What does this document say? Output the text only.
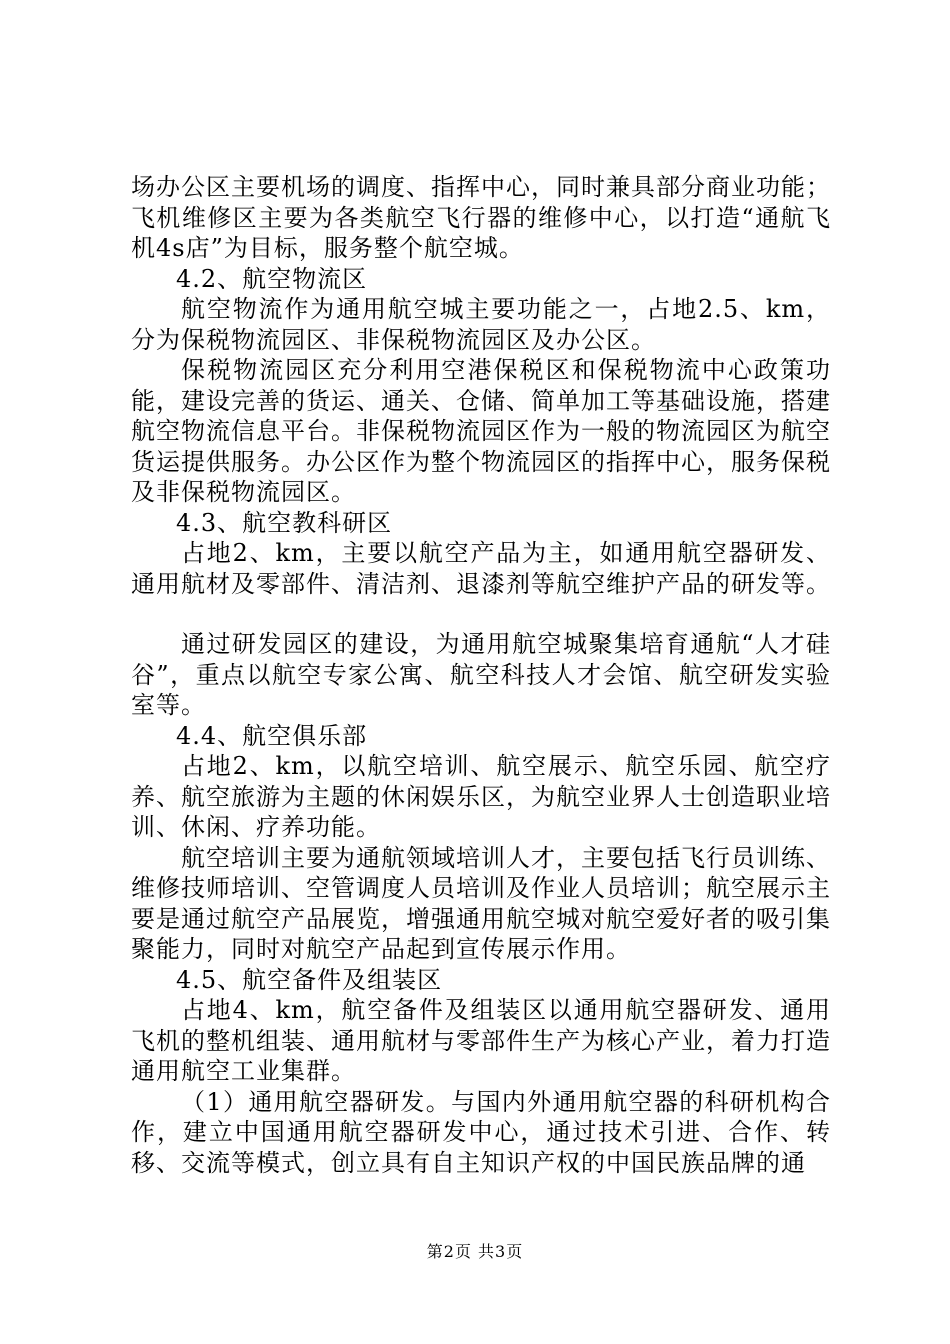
场办公区主要机场的调度、指挥中心，同时兼具部分商业功能；飞机维修区主要为各类航空飞行器的维修中心，以打造“通航飞机4s店”为目标，服务整个航空城。

4.2、航空物流区

航空物流作为通用航空城主要功能之一，占地2.5、km，分为保税物流园区、非保税物流园区及办公区。

保税物流园区充分利用空港保税区和保税物流中心政策功能，建设完善的货运、通关、仓储、简单加工等基础设施，搭建航空物流信息平台。非保税物流园区作为一般的物流园区为航空货运提供服务。办公区作为整个物流园区的指挥中心，服务保税及非保税物流园区。

4.3、航空教科研区

占地2、km，主要以航空产品为主，如通用航空器研发、通用航材及零部件、清洁剂、退漆剂等航空维护产品的研发等。

通过研发园区的建设，为通用航空城聚集培育通航“人才硅谷”，重点以航空专家公寓、航空科技人才会馆、航空研发实验室等。

4.4、航空俱乐部

占地2、km，以航空培训、航空展示、航空乐园、航空疗养、航空旅游为主题的休闲娱乐区，为航空业界人士创造职业培训、休闲、疗养功能。

航空培训主要为通航领域培训人才，主要包括飞行员训练、维修技师培训、空管调度人员培训及作业人员培训；航空展示主要是通过航空产品展览，增强通用航空城对航空爱好者的吸引集聚能力，同时对航空产品起到宣传展示作用。

4.5、航空备件及组装区

占地4、km，航空备件及组装区以通用航空器研发、通用飞机的整机组装、通用航材与零部件生产为核心产业，着力打造通用航空工业集群。

（1）通用航空器研发。与国内外通用航空器的科研机构合作，建立中国通用航空器研发中心，通过技术引进、合作、转移、交流等模式，创立具有自主知识产权的中国民族品牌的通

第2页 共3页
